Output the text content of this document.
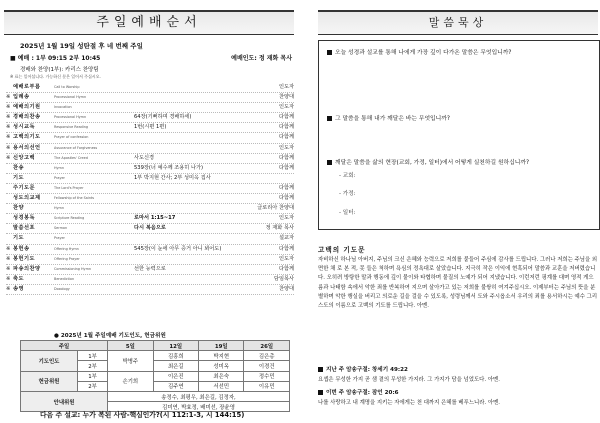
주일예배순서
2025년 1월 19일 성탄절 후 네 번째 주일
■ 예배 : 1부 09:15 2부 10:45	예배인도: 정 재화 목사
경배와 찬양(1부): 카리스 찬양팀
※ 표는 일어섭니다. 가능하신 분은 일어서 주십시오.
예배로부름	Call to Worship	인도자
※ 입례송	Processional Hymn	찬양대
※ 예배의기원	Invocation	인도자
※ 경배의찬송	Processional Hymn	64장(기뻐하며 경배하세)	다함께
※ 성시교독	Responsive Reading	1번(시편 1편)	다함께
※ 고백의기도	Prayer of confession	다함께
※ 용서의선언	Assurance of Forgiveness	인도자
※ 신앙고백	The Apostles' Creed	사도신경	다함께
찬송	Hymn	539장(너 예수께 조용히 나가)	다함께
기도	Prayer	1부 박지현 간사; 2부 성미옥 집사
주기도문	The Lord's Prayer	다함께
성도의교제	Fellowship of the Saints	다함께
찬양	Hymn	글로리아 찬양대
성경봉독	Scripture Reading	로마서 1:15~17	인도자
말씀선포	Sermon	다시 복음으로	정 재화 목사
기도	Prayer	설교자
※ 봉헌송	Offering Hymn	545장(이 눈에 아무 증거 아니 뵈어도)	다함께
※ 봉헌기도	Offering Prayer	인도자
※ 파송의찬양	Commissioning Hymn	선한 능력으로	다함께
※ 축도	Benediction	담임목사
※ 송영	Doxology	찬양대
● 2025년 1월 주일예배 기도인도, 헌금위원
주일		5일	12일	19일	26일
기도인도	1부	박병주	김흥희	박지현	김은총
	2부		최은길	성미옥	이경건
헌금위원	1부	손기희	이은진	최은숙	정수민
	2부		김주연	서선민	이유민
안내위원		송정수, 최평우, 최은길, 김정자,			
		김미연, 박효정, 배미선, 장윤영			
다음 주 설교: 누가 복된 사람-핵심인가?(시 112:1-3, 시 144:15)
말씀묵상
오늘 성경과 설교를 통해 나에게 가장 깊이 다가온 말씀은 무엇입니까?
그 말씀을 통해 내가 깨달은 바는 무엇입니까?
깨달은 말씀을 삶의 현장(교회, 가정, 일터)에서 어떻게 실천하길 원하십니까?
- 교회:
- 가정:
- 일터:
고백의 기도문
자비하신 하나님 아버지, 주님의 크신 은혜와 능력으로 저희를 붙들어 주심에 감사를 드립니다. 그러나 저희는 주님을 외면한 채 로 본 적, 못 들은 척하며 욕심의 정욕대로 살았습니다. 지극히 작은 이익에 현혹되어 말씀과 교훈을 저버렸습니다. 오히려 방탕한 말과 행동에 깊이 물이와 타협하며 물질의 노예가 되어 지냈습니다. 이런저런 핑계를 대며 영적 게으름과 나태함 속에서 악한 죄를 반복하여 지으며 살아가고 있는 저희를 불쌍히 여겨주십시오. 이제부터는 주님의 뜻을 분별하며 악한 행실을 버리고 의로운 길을 걸을 수 있도록, 성령님께서 도와 주시옵소서 우리의 죄를 용서하시는 예수 그리스도의 이름으로 고백의 기도를 드립니다. 아멘.
지난 주 암송구절: 창세기 49:22
요셉은 무성한 가지 곧 샘 곁의 무성한 가지라. 그 가지가 담을 넘었도다. 아멘.
이번 주 암송구절: 잠언 20:6
나를 사랑하고 내 계명을 지키는 자에게는 천 대까지 은혜를 베푸느니라. 아멘.
